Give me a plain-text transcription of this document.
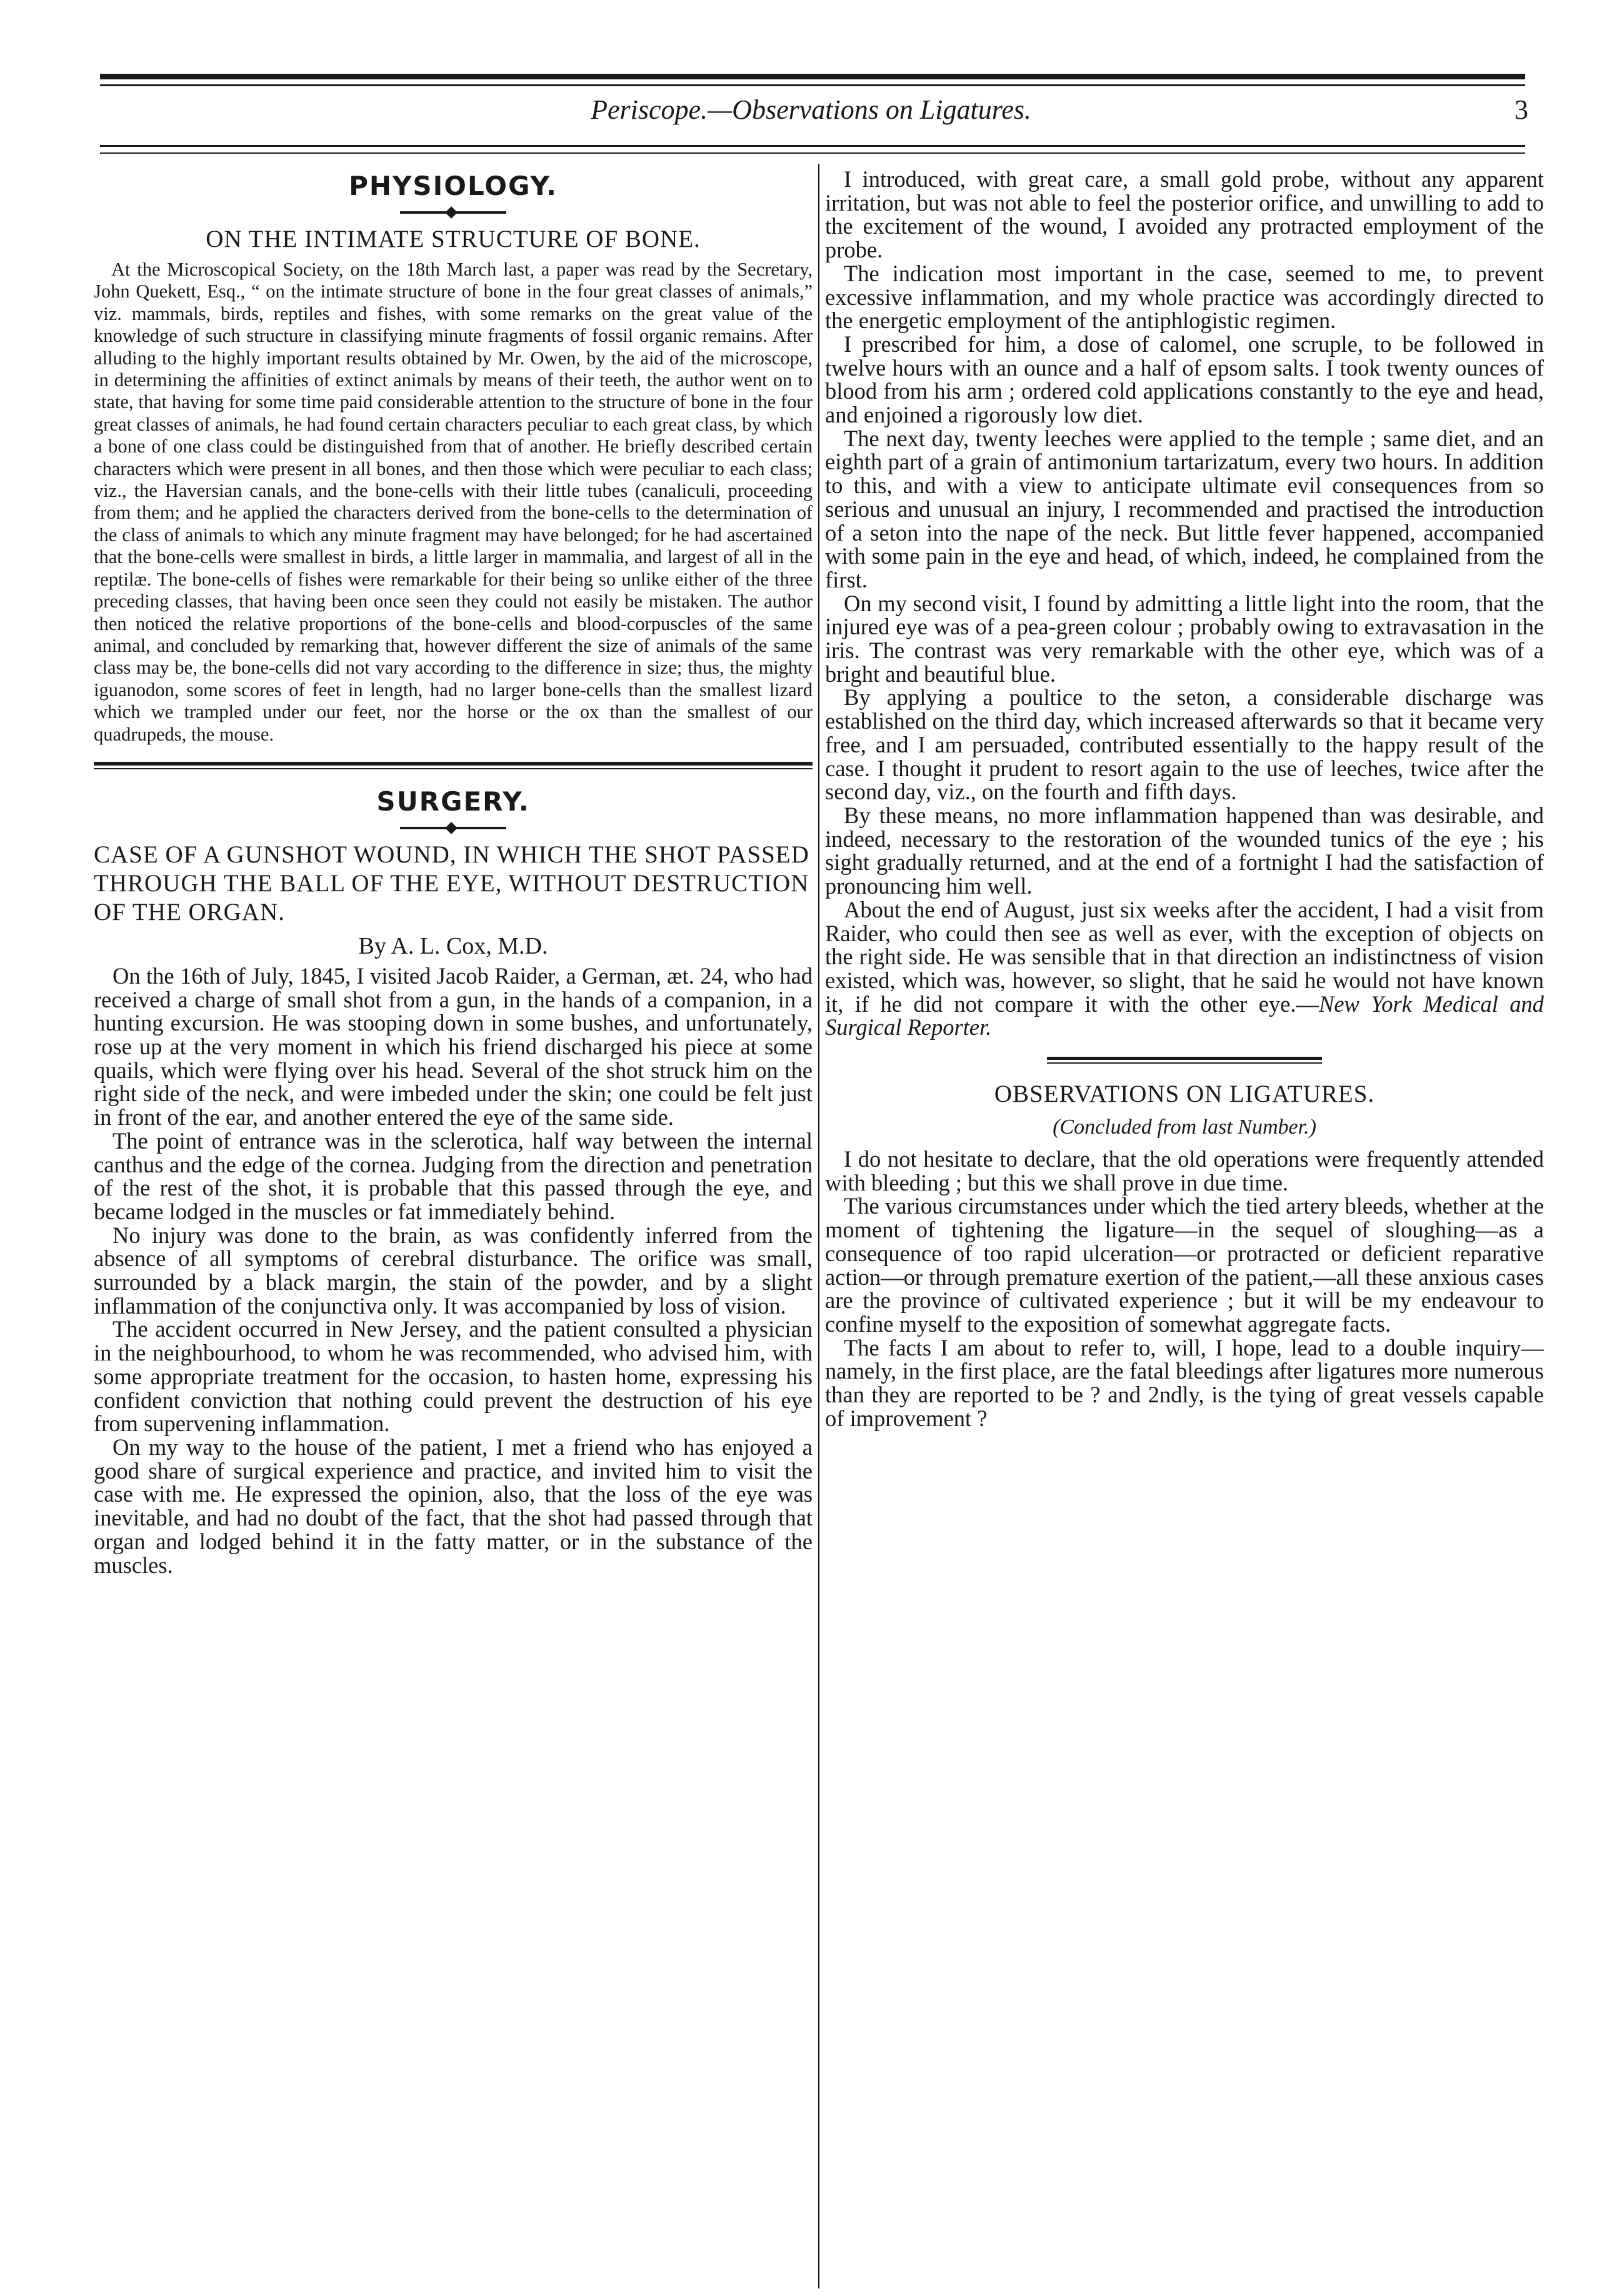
Periscope.—Observations on Ligatures.	3
PHYSIOLOGY.
ON THE INTIMATE STRUCTURE OF BONE.

At the Microscopical Society, on the 18th March last, a paper was read by the Secretary, John Quekett, Esq., “ on the intimate structure of bone in the four great classes of animals,” viz. mammals, birds, reptiles and fishes, with some remarks on the great value of the knowledge of such structure in classifying minute fragments of fossil organic remains. After alluding to the highly important results obtained by Mr. Owen, by the aid of the microscope, in determining the affinities of extinct animals by means of their teeth, the author went on to state, that having for some time paid considerable attention to the structure of bone in the four great classes of animals, he had found certain characters peculiar to each great class, by which a bone of one class could be distinguished from that of another. He briefly described certain characters which were present in all bones, and then those which were peculiar to each class; viz., the Haversian canals, and the bone-cells with their little tubes (canaliculi, proceeding from them; and he applied the characters derived from the bone-cells to the determination of the class of animals to which any minute fragment may have belonged; for he had ascertained that the bone-cells were smallest in birds, a little larger in mammalia, and largest of all in the reptilæ. The bone-cells of fishes were remarkable for their being so unlike either of the three preceding classes, that having been once seen they could not easily be mistaken. The author then noticed the relative proportions of the bone-cells and blood-corpuscles of the same animal, and concluded by remarking that, however different the size of animals of the same class may be, the bone-cells did not vary according to the difference in size; thus, the mighty iguanodon, some scores of feet in length, had no larger bone-cells than the smallest lizard which we trampled under our feet, nor the horse or the ox than the smallest of our quadrupeds, the mouse.

SURGERY.
CASE OF A GUNSHOT WOUND, IN WHICH THE SHOT PASSED THROUGH THE BALL OF THE EYE, WITHOUT DESTRUCTION OF THE ORGAN.
By A. L. Cox, M.D.

On the 16th of July, 1845, I visited Jacob Raider, a German, æt. 24, who had received a charge of small shot from a gun, in the hands of a companion, in a hunting excursion. He was stooping down in some bushes, and unfortunately, rose up at the very moment in which his friend discharged his piece at some quails, which were flying over his head. Several of the shot struck him on the right side of the neck, and were imbeded under the skin; one could be felt just in front of the ear, and another entered the eye of the same side.

The point of entrance was in the sclerotica, half way between the internal canthus and the edge of the cornea. Judging from the direction and penetration of the rest of the shot, it is probable that this passed through the eye, and became lodged in the muscles or fat immediately behind.

No injury was done to the brain, as was confidently inferred from the absence of all symptoms of cerebral disturbance. The orifice was small, surrounded by a black margin, the stain of the powder, and by a slight inflammation of the conjunctiva only. It was accompanied by loss of vision.

The accident occurred in New Jersey, and the patient consulted a physician in the neighbourhood, to whom he was recommended, who advised him, with some appropriate treatment for the occasion, to hasten home, expressing his confident conviction that nothing could prevent the destruction of his eye from supervening inflammation.

On my way to the house of the patient, I met a friend who has enjoyed a good share of surgical experience and practice, and invited him to visit the case with me. He expressed the opinion, also, that the loss of the eye was inevitable, and had no doubt of the fact, that the shot had passed through that organ and lodged behind it in the fatty matter, or in the substance of the muscles.

I introduced, with great care, a small gold probe, without any apparent irritation, but was not able to feel the posterior orifice, and unwilling to add to the excitement of the wound, I avoided any protracted employment of the probe.

The indication most important in the case, seemed to me, to prevent excessive inflammation, and my whole practice was accordingly directed to the energetic employment of the antiphlogistic regimen.

I prescribed for him, a dose of calomel, one scruple, to be followed in twelve hours with an ounce and a half of epsom salts. I took twenty ounces of blood from his arm ; ordered cold applications constantly to the eye and head, and enjoined a rigorously low diet.

The next day, twenty leeches were applied to the temple ; same diet, and an eighth part of a grain of antimonium tartarizatum, every two hours. In addition to this, and with a view to anticipate ultimate evil consequences from so serious and unusual an injury, I recommended and practised the introduction of a seton into the nape of the neck. But little fever happened, accompanied with some pain in the eye and head, of which, indeed, he complained from the first.

On my second visit, I found by admitting a little light into the room, that the injured eye was of a pea-green colour ; probably owing to extravasation in the iris. The contrast was very remarkable with the other eye, which was of a bright and beautiful blue.

By applying a poultice to the seton, a considerable discharge was established on the third day, which increased afterwards so that it became very free, and I am persuaded, contributed essentially to the happy result of the case. I thought it prudent to resort again to the use of leeches, twice after the second day, viz., on the fourth and fifth days.

By these means, no more inflammation happened than was desirable, and indeed, necessary to the restoration of the wounded tunics of the eye ; his sight gradually returned, and at the end of a fortnight I had the satisfaction of pronouncing him well.

About the end of August, just six weeks after the accident, I had a visit from Raider, who could then see as well as ever, with the exception of objects on the right side. He was sensible that in that direction an indistinctness of vision existed, which was, however, so slight, that he said he would not have known it, if he did not compare it with the other eye.—New York Medical and Surgical Reporter.

OBSERVATIONS ON LIGATURES.
(Concluded from last Number.)

I do not hesitate to declare, that the old operations were frequently attended with bleeding ; but this we shall prove in due time.

The various circumstances under which the tied artery bleeds, whether at the moment of tightening the ligature—in the sequel of sloughing—as a consequence of too rapid ulceration—or protracted or deficient reparative action—or through premature exertion of the patient,—all these anxious cases are the province of cultivated experience ; but it will be my endeavour to confine myself to the exposition of somewhat aggregate facts.

The facts I am about to refer to, will, I hope, lead to a double inquiry—namely, in the first place, are the fatal bleedings after ligatures more numerous than they are reported to be ? and 2ndly, is the tying of great vessels capable of improvement ?
